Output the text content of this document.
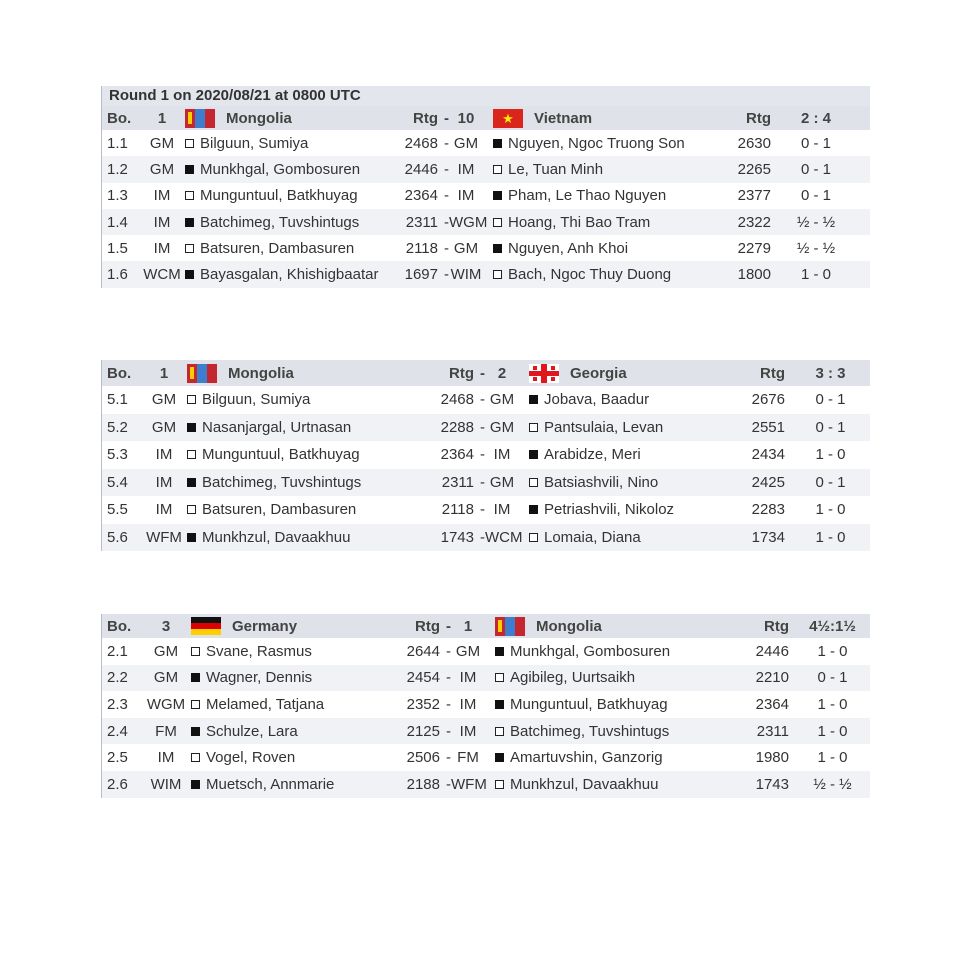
Round 1 on 2020/08/21 at 0800 UTC
Bo.	1	Mongolia	Rtg - 10	★	Vietnam	Rtg	2 : 4
1.1	GM	Bilguun, Sumiya	2468 - GM	Nguyen, Ngoc Truong Son	2630	0 - 1
1.2	GM	Munkhgal, Gombosuren	2446 - IM	Le, Tuan Minh	2265	0 - 1
1.3	IM	Munguntuul, Batkhuyag	2364 - IM	Pham, Le Thao Nguyen	2377	0 - 1
1.4	IM	Batchimeg, Tuvshintugs	2311 - WGM Hoang, Thi Bao Tram	2322	½ - ½
1.5	IM	Batsuren, Dambasuren	2118 - GM	Nguyen, Anh Khoi	2279	½ - ½
1.6	WCM Bayasgalan, Khishigbaatar	1697 - WIM Bach, Ngoc Thuy Duong	1800	1 - 0
Bo.	1	Mongolia	Rtg - 2	Georgia	Rtg	3 : 3
5.1	GM	Bilguun, Sumiya	2468 - GM	Jobava, Baadur	2676	0 - 1
5.2	GM	Nasanjargal, Urtnasan	2288 - GM	Pantsulaia, Levan	2551	0 - 1
5.3	IM	Munguntuul, Batkhuyag	2364 - IM	Arabidze, Meri	2434	1 - 0
5.4	IM	Batchimeg, Tuvshintugs	2311 - GM	Batsiashvili, Nino	2425	0 - 1
5.5	IM	Batsuren, Dambasuren	2118 - IM	Petriashvili, Nikoloz	2283	1 - 0
5.6	WFM	Munkhzul, Davaakhuu	1743 - WCM Lomaia, Diana	1734	1 - 0
Bo.	3	Germany	Rtg - 1	Mongolia	Rtg	4½:1½
2.1	GM	Svane, Rasmus	2644 - GM	Munkhgal, Gombosuren	2446	1 - 0
2.2	GM	Wagner, Dennis	2454 - IM	Agibileg, Uurtsaikh	2210	0 - 1
2.3	WGM	Melamed, Tatjana	2352 - IM	Munguntuul, Batkhuyag	2364	1 - 0
2.4	FM	Schulze, Lara	2125 - IM	Batchimeg, Tuvshintugs	2311	1 - 0
2.5	IM	Vogel, Roven	2506 - FM	Amartuvshin, Ganzorig	1980	1 - 0
2.6	WIM	Muetsch, Annmarie	2188 - WFM Munkhzul, Davaakhuu	1743	½ - ½
